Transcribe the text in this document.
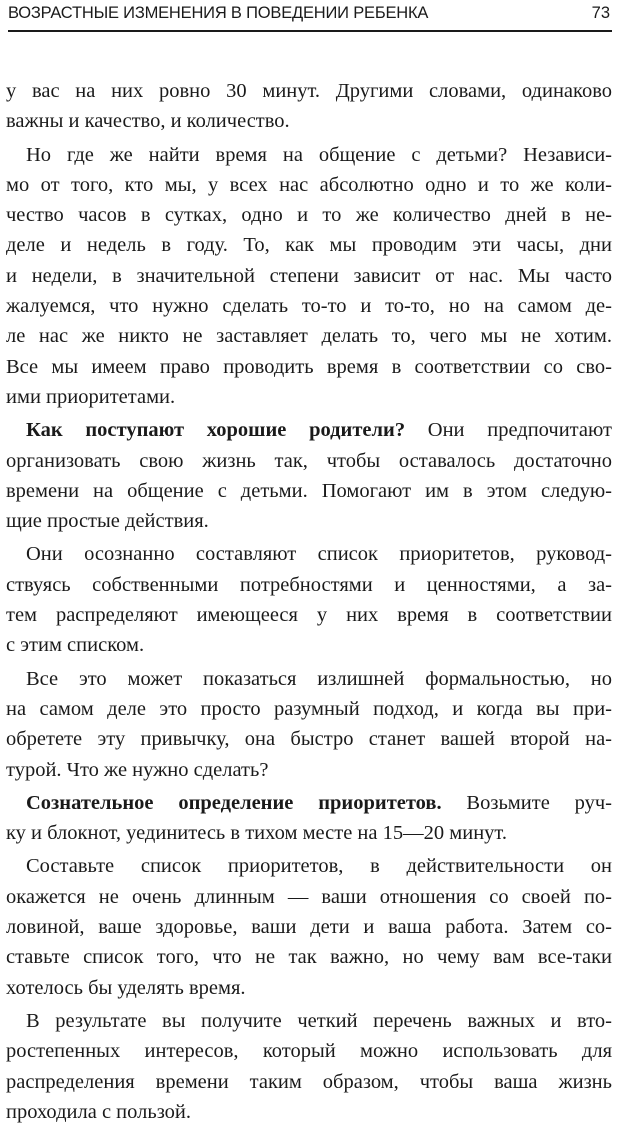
ВОЗРАСТНЫЕ ИЗМЕНЕНИЯ В ПОВЕДЕНИИ РЕБЕНКА	73
у вас на них ровно 30 минут. Другими словами, одинаково
важны и качество, и количество.
Но где же найти время на общение с детьми? Независи-
мо от того, кто мы, у всех нас абсолютно одно и то же коли-
чество часов в сутках, одно и то же количество дней в не-
деле и недель в году. То, как мы проводим эти часы, дни
и недели, в значительной степени зависит от нас. Мы часто
жалуемся, что нужно сделать то-то и то-то, но на самом де-
ле нас же никто не заставляет делать то, чего мы не хотим.
Все мы имеем право проводить время в соответствии со сво-
ими приоритетами.
Как поступают хорошие родители? Они предпочитают
организовать свою жизнь так, чтобы оставалось достаточно
времени на общение с детьми. Помогают им в этом следую-
щие простые действия.
Они осознанно составляют список приоритетов, руковод-
ствуясь собственными потребностями и ценностями, а за-
тем распределяют имеющееся у них время в соответствии
с этим списком.
Все это может показаться излишней формальностью, но
на самом деле это просто разумный подход, и когда вы при-
обретете эту привычку, она быстро станет вашей второй на-
турой. Что же нужно сделать?
Сознательное определение приоритетов. Возьмите руч-
ку и блокнот, уединитесь в тихом месте на 15—20 минут.
Составьте список приоритетов, в действительности он
окажется не очень длинным — ваши отношения со своей по-
ловиной, ваше здоровье, ваши дети и ваша работа. Затем со-
ставьте список того, что не так важно, но чему вам все-таки
хотелось бы уделять время.
В результате вы получите четкий перечень важных и вто-
ростепенных интересов, который можно использовать для
распределения времени таким образом, чтобы ваша жизнь
проходила с пользой.
